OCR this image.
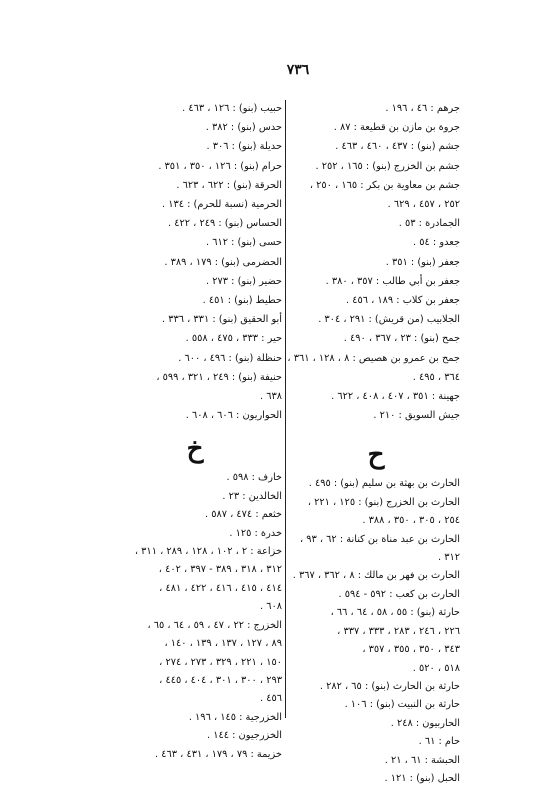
٧٣٦
جرهم : ٤٦ ، ١٩٦ .
جروة بن مازن بن قطيعة : ٨٧ .
جشم (بنو) : ٤٣٧ ، ٤٦٠ ، ٤٦٣ .
جشم بن الخزرج (بنو) : ١٦٥ ، ٢٥٢ .
جشم بن معاوية بن بكر : ١٦٥ ، ٢٥٠ ،
٢٥٢ ، ٤٥٧ ، ٦٢٩ .
الجمادرة : ٥٣ .
جعدو : ٥٤ .
جعفر (بنو) : ٣٥١ .
جعفر بن أبي طالب : ٣٥٧ ، ٣٨٠ .
جعفر بن كلاب : ١٨٩ ، ٤٥٦ .
الجلابيب (من قريش) : ٢٩١ ، ٣٠٤ .
جمح (بنو) : ٢٣ ، ٣٦٧ ، ٤٩٠ .
جمح بن عمرو بن هصيص : ٨ ، ١٢٨ ، ٣٦١ ،
٣٦٤ ، ٤٩٥ .
جهينة : ٣٥١ ، ٤٠٧ ، ٤٠٨ ، ٦٢٢ .
جيش السويق : ٢١٠ .
ح
الحارث بن بهثة بن سليم (بنو) : ٤٩٥ .
الحارث بن الخزرج (بنو) : ١٢٥ ، ٢٢١ ،
٢٥٤ ، ٣٠٥ ، ٣٥٠ ، ٣٨٨ .
الحارث بن عبد مناة بن كنانة : ٦٢ ، ٩٣ ،
٣١٢ .
الحارث بن فهر بن مالك : ٨ ، ٣٦٢ ، ٣٦٧ .
الحارث بن كعب : ٥٩٢ - ٥٩٤ .
حارثة (بنو) : ٥٥ ، ٥٨ ، ٦٤ ، ٦٦ ،
٢٢٦ ، ٢٤٦ ، ٢٨٣ ، ٣٣٣ ، ٣٣٧ ،
٣٤٣ ، ٣٥٠ ، ٣٥٥ ، ٣٥٧ ،
٥١٨ ، ٥٢٠ .
حارثة بن الحارث (بنو) : ٦٥ ، ٢٨٢ .
حارثة بن النبيت (بنو) : ١٠٦ .
الحاربيون : ٢٤٨ .
حام : ٦١ .
الحبشة : ٦١ ، ٢١ .
الحبل (بنو) : ١٢١ .
حبيب (بنو) : ١٢٦ ، ٤٦٣ .
حدس (بنو) : ٣٨٢ .
حديلة (بنو) : ٣٠٦ .
حرام (بنو) : ١٢٦ ، ٣٥٠ ، ٣٥١ .
الحرقة (بنو) : ٦٢٢ ، ٦٢٣ .
الحرمية (نسبة للحرم) : ١٣٤ .
الحساس (بنو) : ٢٤٩ ، ٤٢٢ .
حسى (بنو) : ٦١٢ .
الحضرمى (بنو) : ١٧٩ ، ٣٨٩ .
حضير (بنو) : ٢٧٣ .
حطيط (بنو) : ٤٥١ .
أبو الحقيق (بنو) : ٣٣١ ، ٣٣٦ .
حير : ٣٣٣ ، ٤٧٥ ، ٥٥٨ .
حنظلة (بنو) : ٤٩٦ ، ٦٠٠ .
حنيفة (بنو) : ٢٤٩ ، ٣٢١ ، ٥٩٩ ،
٦٣٨ .
الحواريون : ٦٠٦ ، ٦٠٨ .
خ
خارف : ٥٩٨ .
الخالدين : ٢٣ .
خثعم : ٤٧٤ ، ٥٨٧ .
خدرة : ١٢٥ .
خزاعة : ٢ ، ١٠٢ ، ١٢٨ ، ٢٨٩ ، ٣١١ ،
٣١٢ ، ٣١٨ ، ٣٨٩ - ٣٩٧ ، ٤٠٢ ،
٤١٤ ، ٤١٥ ، ٤١٦ ، ٤٢٢ ، ٤٨١ ،
٦٠٨ .
الخزرج : ٢٢ ، ٤٧ ، ٥٩ ، ٦٤ ، ٦٥ ،
٨٩ ، ١٢٧ ، ١٣٧ ، ١٣٩ ، ١٤٠ ،
١٥٠ ، ٢٢١ ، ٣٢٩ ، ٢٧٣ ، ٢٧٤ ،
٢٩٣ ، ٣٠٠ ، ٣٠١ ، ٤٠٤ ، ٤٤٥ ،
٤٥٦ .
الخزرجية : ١٤٥ ، ١٩٦ .
الخزرجيون : ١٤٤ .
خزيمة : ٧٩ ، ١٧٩ ، ٤٣١ ، ٤٦٣ .
